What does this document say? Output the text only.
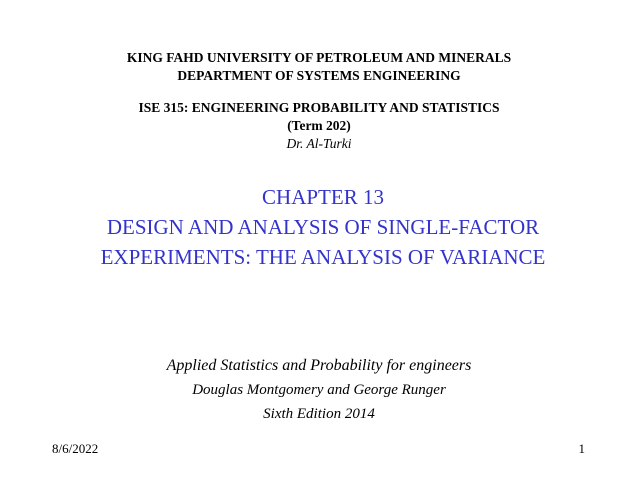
KING FAHD UNIVERSITY OF PETROLEUM AND MINERALS
DEPARTMENT OF SYSTEMS ENGINEERING
ISE 315: ENGINEERING PROBABILITY AND STATISTICS
(Term 202)
Dr. Al-Turki
CHAPTER 13
DESIGN AND ANALYSIS OF SINGLE-FACTOR
EXPERIMENTS: THE ANALYSIS OF VARIANCE
Applied Statistics and Probability for engineers
Douglas Montgomery and George Runger
Sixth Edition 2014
8/6/2022	1
